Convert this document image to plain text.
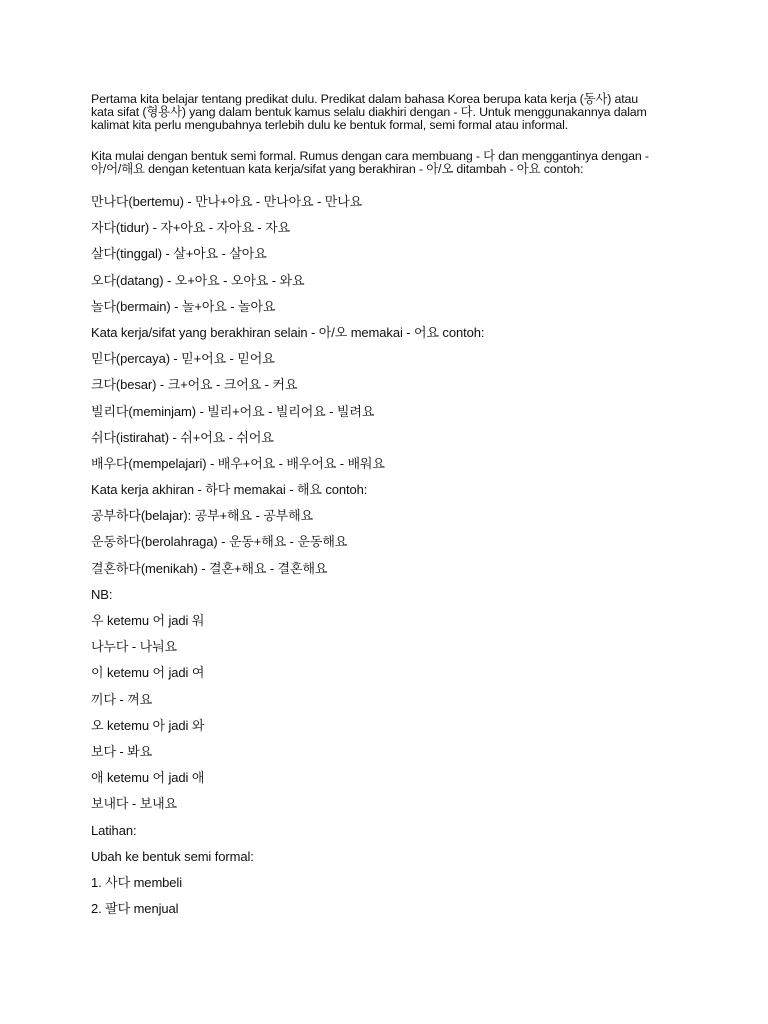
Pertama kita belajar tentang predikat dulu. Predikat dalam bahasa Korea berupa kata kerja (동사) atau
kata sifat (형용사) yang dalam bentuk kamus selalu diakhiri dengan - 다. Untuk menggunakannya dalam
kalimat kita perlu mengubahnya terlebih dulu ke bentuk formal, semi formal atau informal.

Kita mulai dengan bentuk semi formal. Rumus dengan cara membuang - 다 dan menggantinya dengan -
아/어/해요 dengan ketentuan kata kerja/sifat yang berakhiran - 아/오 ditambah - 아요 contoh:

만나다(bertemu) - 만나+아요 - 만나아요 - 만나요
자다(tidur) - 자+아요 - 자아요 - 자요
살다(tinggal) - 살+아요 - 살아요
오다(datang) - 오+아요 - 오아요 - 와요
놀다(bermain) - 놀+아요 - 놀아요
Kata kerja/sifat yang berakhiran selain - 아/오 memakai - 어요 contoh:
믿다(percaya) - 믿+어요 - 믿어요
크다(besar) - 크+어요 - 크어요 - 커요
빌리다(meminjam) - 빌리+어요 - 빌리어요 - 빌려요
쉬다(istirahat) - 쉬+어요 - 쉬어요
배우다(mempelajari) - 배우+어요 - 배우어요 - 배워요
Kata kerja akhiran - 하다 memakai - 해요 contoh:
공부하다(belajar): 공부+해요 - 공부해요
운동하다(berolahraga) - 운동+해요 - 운동해요
결혼하다(menikah) - 결혼+해요 - 결혼해요
NB:
우 ketemu 어 jadi 워
나누다 - 나눠요
이 ketemu 어 jadi 여
끼다 - 껴요
오 ketemu 아 jadi 와
보다 - 봐요
애 ketemu 어 jadi 애
보내다 - 보내요
Latihan:
Ubah ke bentuk semi formal:
1. 사다 membeli
2. 팔다 menjual
